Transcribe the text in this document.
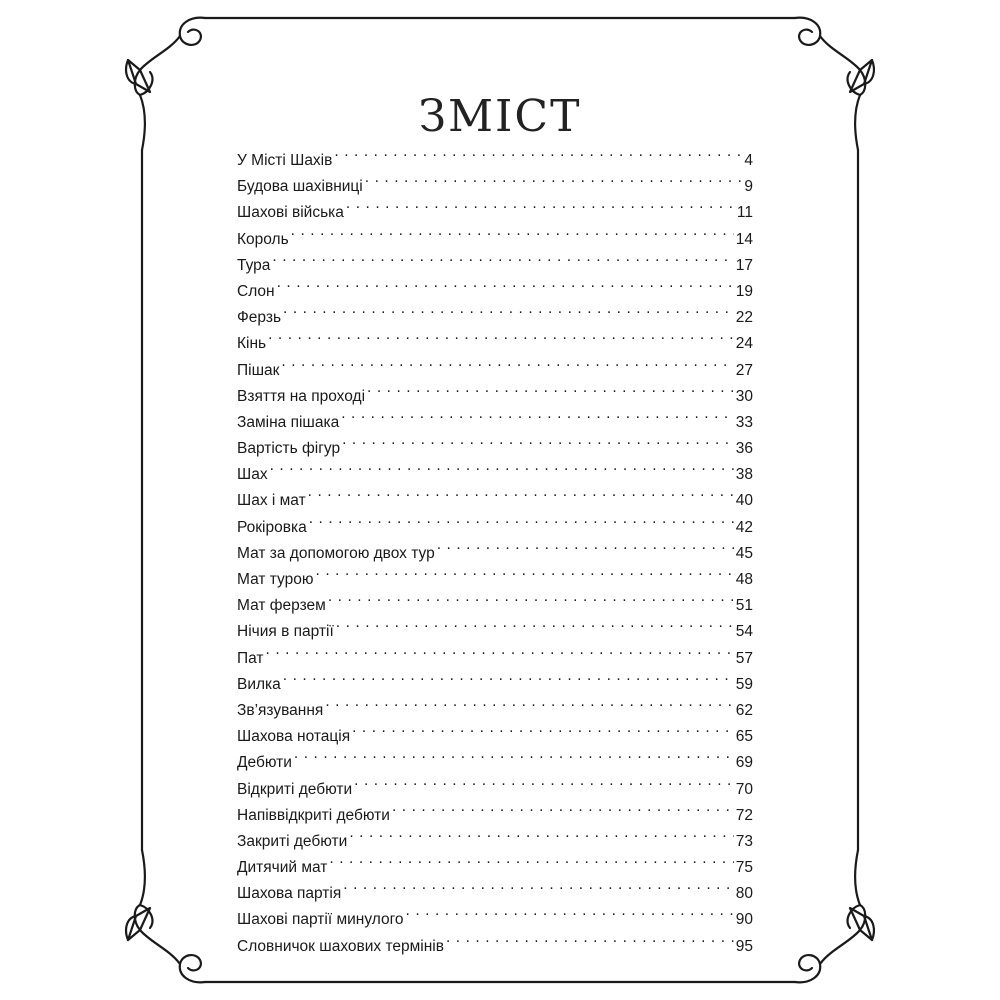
ЗМІСТ
У Місті Шахів . . .	4
Будова шахівниці . . .	9
Шахові війська . . .	11
Король . . .	14
Тура . . .	17
Слон . . .	19
Ферзь . . .	22
Кінь . . .	24
Пішак . . .	27
Взяття на проході . . .	30
Заміна пішака . . .	33
Вартість фігур . . .	36
Шах . . .	38
Шах і мат . . .	40
Рокіровка . . .	42
Мат за допомогою двох тур . . .	45
Мат турою . . .	48
Мат ферзем . . .	51
Нічия в партії . . .	54
Пат . . .	57
Вилка . . .	59
Зв’язування . . .	62
Шахова нотація . . .	65
Дебюти . . .	69
Відкриті дебюти . . .	70
Напіввідкриті дебюти . . .	72
Закриті дебюти . . .	73
Дитячий мат . . .	75
Шахова партія . . .	80
Шахові партії минулого . . .	90
Словничок шахових термінів . . .	95
